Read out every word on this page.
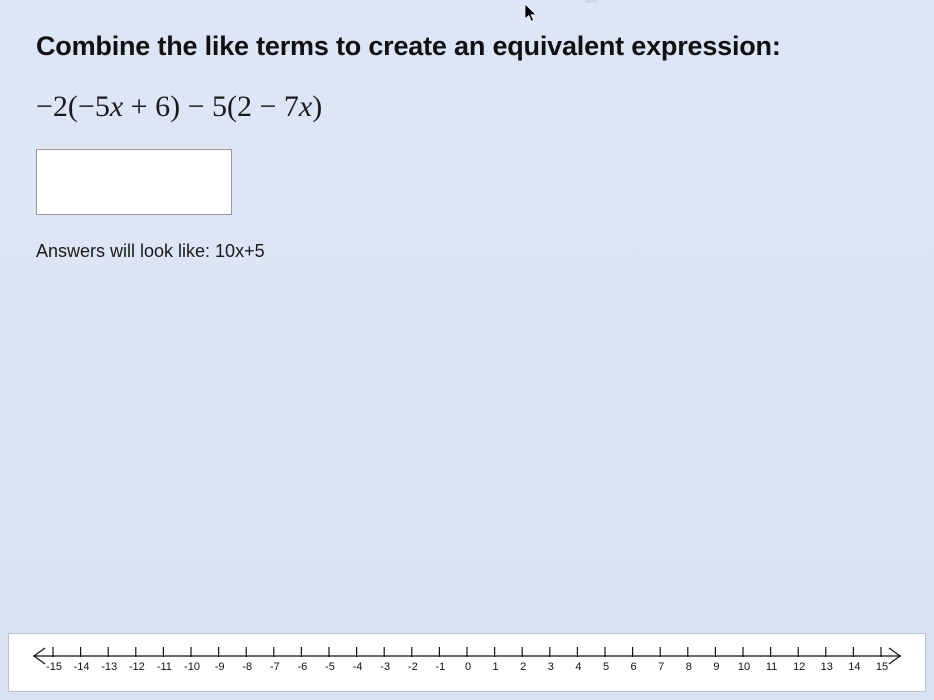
Combine the like terms to create an equivalent expression:
−2(−5x + 6) − 5(2 − 7x)
Answers will look like: 10x+5
-15	-14	-13	-12	-11	-10	-9	-8	-7	-6	-5	-4	-3	-2	-1	0	1	2	3	4	5	6	7	8	9	10	11	12	13	14	15
